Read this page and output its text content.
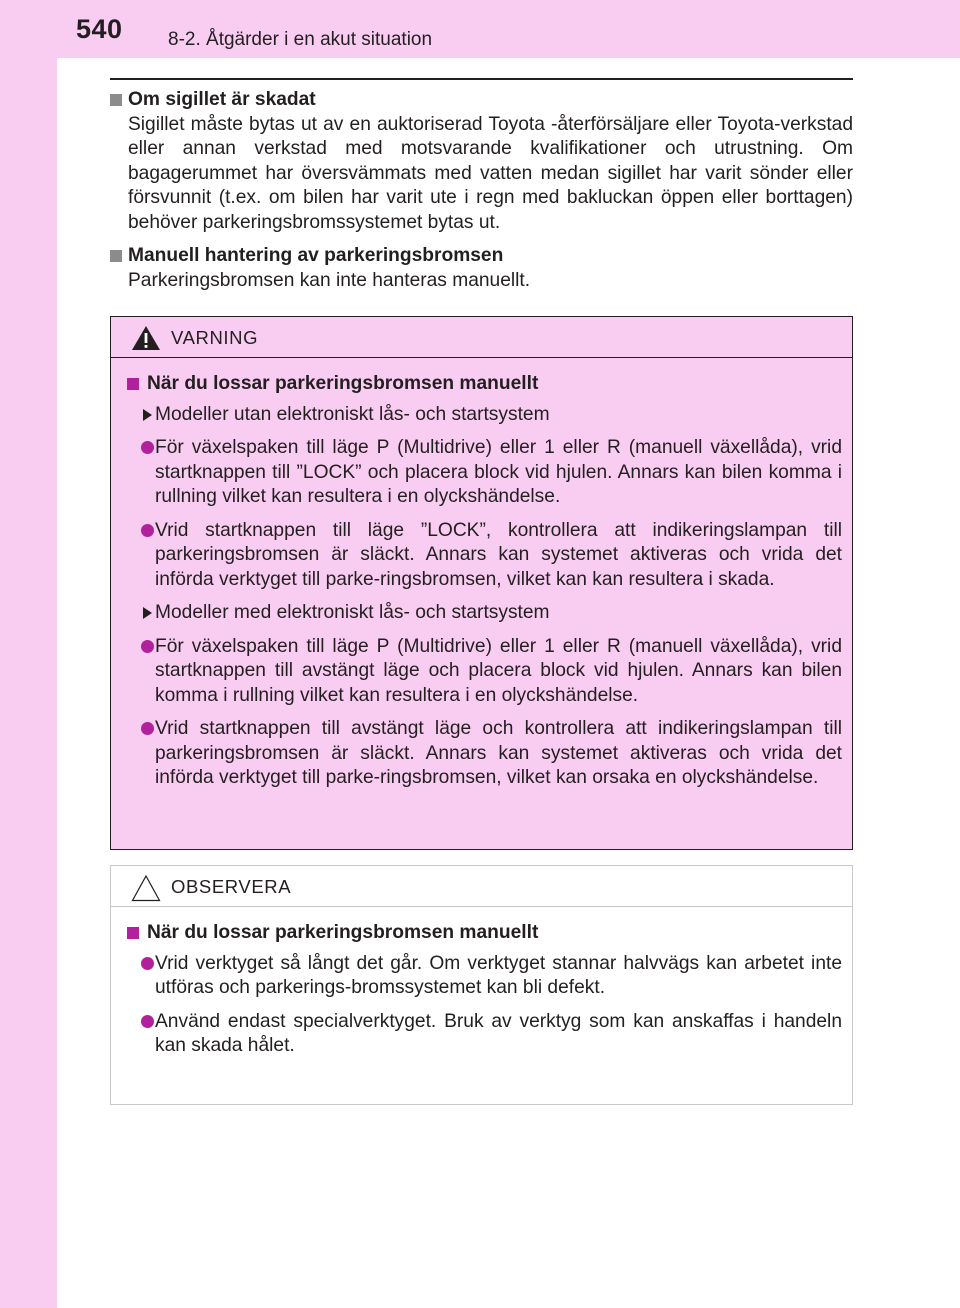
540 8-2. Åtgärder i en akut situation
Om sigillet är skadat
Sigillet måste bytas ut av en auktoriserad Toyota -återförsäljare eller Toyota-verkstad eller annan verkstad med motsvarande kvalifikationer och utrustning. Om bagagerummet har översvämmats med vatten medan sigillet har varit sönder eller försvunnit (t.ex. om bilen har varit ute i regn med bakluckan öppen eller borttagen) behöver parkeringsbromssystemet bytas ut.
Manuell hantering av parkeringsbromsen
Parkeringsbromsen kan inte hanteras manuellt.
VARNING
När du lossar parkeringsbromsen manuellt
Modeller utan elektroniskt lås- och startsystem
För växelspaken till läge P (Multidrive) eller 1 eller R (manuell växellåda), vrid startknappen till ”LOCK” och placera block vid hjulen. Annars kan bilen komma i rullning vilket kan resultera i en olyckshändelse.
Vrid startknappen till läge ”LOCK”, kontrollera att indikeringslampan till parkeringsbromsen är släckt. Annars kan systemet aktiveras och vrida det införda verktyget till parke-ringsbromsen, vilket kan kan resultera i skada.
Modeller med elektroniskt lås- och startsystem
För växelspaken till läge P (Multidrive) eller 1 eller R (manuell växellåda), vrid startknappen till avstängt läge och placera block vid hjulen. Annars kan bilen komma i rullning vilket kan resultera i en olyckshändelse.
Vrid startknappen till avstängt läge och kontrollera att indikeringslampan till parkeringsbromsen är släckt. Annars kan systemet aktiveras och vrida det införda verktyget till parke-ringsbromsen, vilket kan orsaka en olyckshändelse.
OBSERVERA
När du lossar parkeringsbromsen manuellt
Vrid verktyget så långt det går. Om verktyget stannar halvvägs kan arbetet inte utföras och parkerings-bromssystemet kan bli defekt.
Använd endast specialverktyget. Bruk av verktyg som kan anskaffas i handeln kan skada hålet.
